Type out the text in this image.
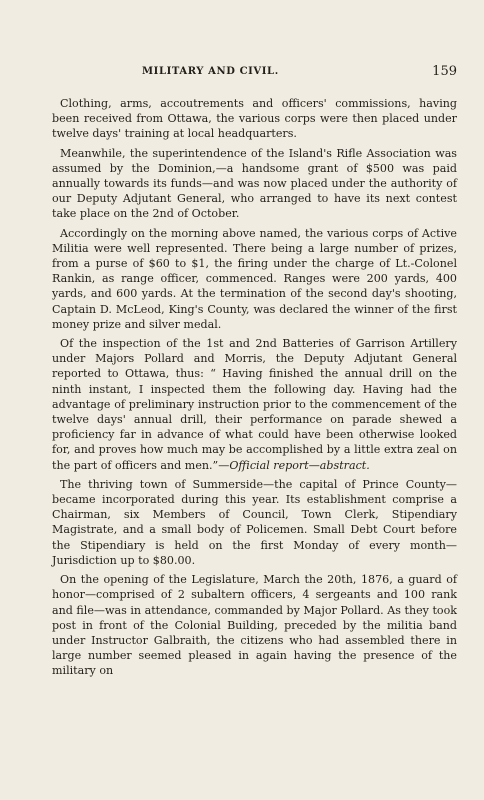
MILITARY AND CIVIL.	159

Clothing, arms, accoutrements and officers' commissions, having been received from Ottawa, the various corps were then placed under twelve days' training at local headquarters.

Meanwhile, the superintendence of the Island's Rifle Association was assumed by the Dominion,—a handsome grant of $500 was paid annually towards its funds—and was now placed under the authority of our Deputy Adjutant General, who arranged to have its next contest take place on the 2nd of October.

Accordingly on the morning above named, the various corps of Active Militia were well represented. There being a large number of prizes, from a purse of $60 to $1, the firing under the charge of Lt.-Colonel Rankin, as range officer, commenced. Ranges were 200 yards, 400 yards, and 600 yards. At the termination of the second day's shooting, Captain D. McLeod, King's County, was declared the winner of the first money prize and silver medal.

Of the inspection of the 1st and 2nd Batteries of Garrison Artillery under Majors Pollard and Morris, the Deputy Adjutant General reported to Ottawa, thus: “ Having finished the annual drill on the ninth instant, I inspected them the following day. Having had the advantage of preliminary instruction prior to the commencement of the twelve days' annual drill, their performance on parade shewed a proficiency far in advance of what could have been otherwise looked for, and proves how much may be accomplished by a little extra zeal on the part of officers and men.”—Official report—abstract.

The thriving town of Summerside—the capital of Prince County—became incorporated during this year. Its establishment comprise a Chairman, six Members of Council, Town Clerk, Stipendiary Magistrate, and a small body of Policemen. Small Debt Court before the Stipendiary is held on the first Monday of every month—Jurisdiction up to $80.00.

On the opening of the Legislature, March the 20th, 1876, a guard of honor—comprised of 2 subaltern officers, 4 sergeants and 100 rank and file—was in attendance, commanded by Major Pollard. As they took post in front of the Colonial Building, preceded by the militia band under Instructor Galbraith, the citizens who had assembled there in large number seemed pleased in again having the presence of the military on
